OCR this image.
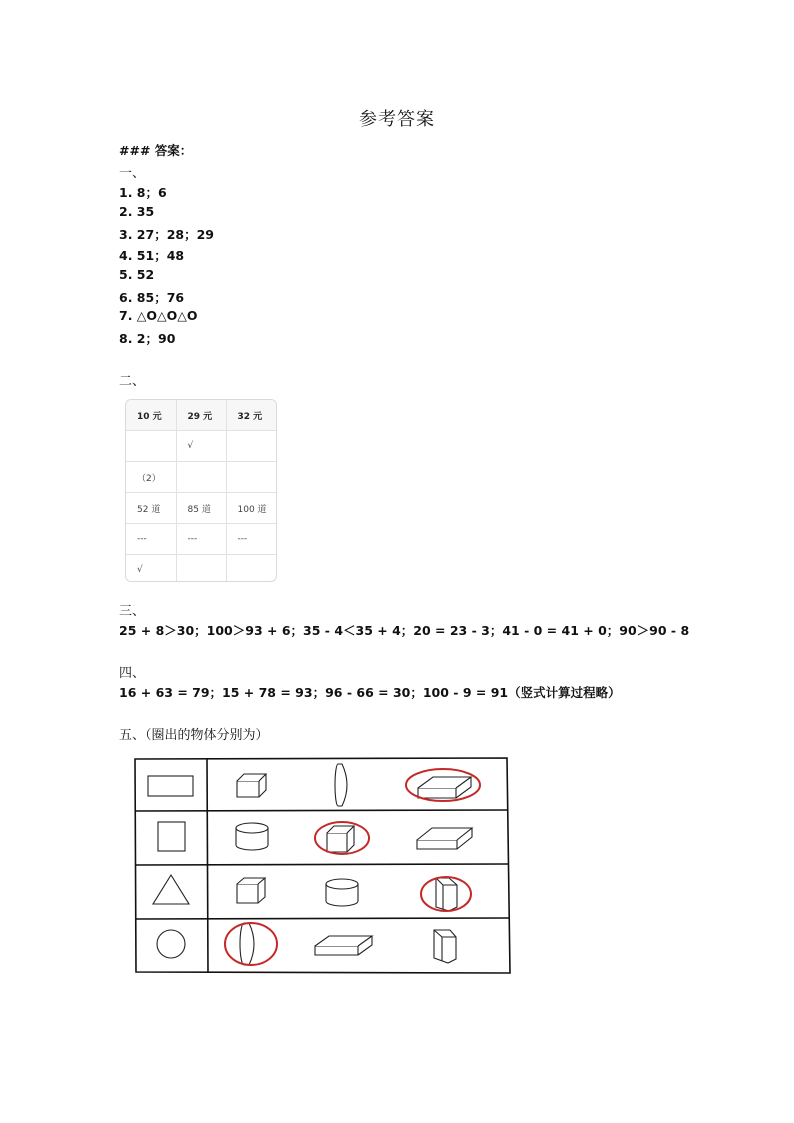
参考答案
### 答案：
一、
1. 8；6
2. 35
3. 27；28；29
4. 51；48
5. 52
6. 85；76
7. △O△O△O
8. 2；90
二、
10 元	29 元	32 元
	√	
（2）		
52 道	85 道	100 道
---	---	---
√		
三、
25 + 8＞30；100＞93 + 6；35 - 4＜35 + 4；20 = 23 - 3；41 - 0 = 41 + 0；90＞90 - 8
四、
16 + 63 = 79；15 + 78 = 93；96 - 66 = 30；100 - 9 = 91（竖式计算过程略）
五、（圈出的物体分别为）
